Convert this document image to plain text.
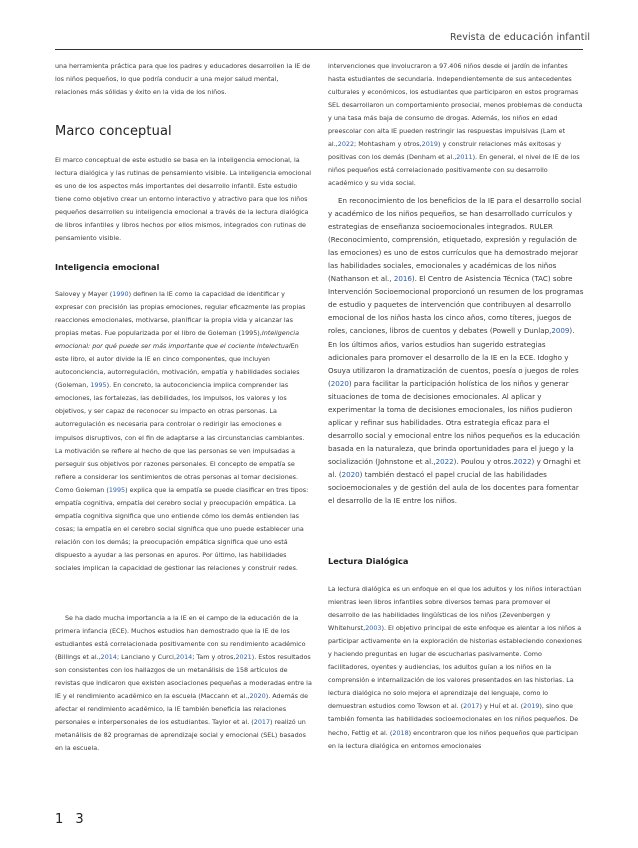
Revista de educación infantil
una herramienta práctica para que los padres y educadores desarrollen la IE de los niños pequeños, lo que podría conducir a una mejor salud mental, relaciones más sólidas y éxito en la vida de los niños.
Marco conceptual
El marco conceptual de este estudio se basa en la inteligencia emocional, la lectura dialógica y las rutinas de pensamiento visible. La inteligencia emocional es uno de los aspectos más importantes del desarrollo infantil. Este estudio tiene como objetivo crear un entorno interactivo y atractivo para que los niños pequeños desarrollen su inteligencia emocional a través de la lectura dialógica de libros infantiles y libros hechos por ellos mismos, integrados con rutinas de pensamiento visible.
Inteligencia emocional
Salovey y Mayer (1990) definen la IE como la capacidad de identificar y expresar con precisión las propias emociones, regular eficazmente las propias reacciones emocionales, motivarse, planificar la propia vida y alcanzar las propias metas. Fue popularizada por el libro de Goleman (1995),Inteligencia emocional: por qué puede ser más importante que el cociente intelectualEn este libro, el autor divide la IE en cinco componentes, que incluyen autoconciencia, autorregulación, motivación, empatía y habilidades sociales (Goleman, 1995). En concreto, la autoconciencia implica comprender las emociones, las fortalezas, las debilidades, los impulsos, los valores y los objetivos, y ser capaz de reconocer su impacto en otras personas. La autorregulación es necesaria para controlar o redirigir las emociones e impulsos disruptivos, con el fin de adaptarse a las circunstancias cambiantes. La motivación se refiere al hecho de que las personas se ven impulsadas a perseguir sus objetivos por razones personales. El concepto de empatía se refiere a considerar los sentimientos de otras personas al tomar decisiones. Como Goleman (1995) explica que la empatía se puede clasificar en tres tipos: empatía cognitiva, empatía del cerebro social y preocupación empática. La empatía cognitiva significa que uno entiende cómo los demás entienden las cosas; la empatía en el cerebro social significa que uno puede establecer una relación con los demás; la preocupación empática significa que uno está dispuesto a ayudar a las personas en apuros. Por último, las habilidades sociales implican la capacidad de gestionar las relaciones y construir redes.
Se ha dado mucha importancia a la IE en el campo de la educación de la primera infancia (ECE). Muchos estudios han demostrado que la IE de los estudiantes está correlacionada positivamente con su rendimiento académico (Billings et al.,2014; Lanciano y Curci,2014; Tam y otros,2021). Estos resultados son consistentes con los hallazgos de un metanálisis de 158 artículos de revistas que indicaron que existen asociaciones pequeñas a moderadas entre la IE y el rendimiento académico en la escuela (Maccann et al.,2020). Además de afectar el rendimiento académico, la IE también beneficia las relaciones personales e interpersonales de los estudiantes. Taylor et al. (2017) realizó un metanálisis de 82 programas de aprendizaje social y emocional (SEL) basados en la escuela.
intervenciones que involucraron a 97.406 niños desde el jardín de infantes hasta estudiantes de secundaria. Independientemente de sus antecedentes culturales y económicos, los estudiantes que participaron en estos programas SEL desarrollaron un comportamiento prosocial, menos problemas de conducta y una tasa más baja de consumo de drogas. Además, los niños en edad preescolar con alta IE pueden restringir las respuestas impulsivas (Lam et al.,2022; Mohtasham y otros,2019) y construir relaciones más exitosas y positivas con los demás (Denham et al.,2011). En general, el nivel de IE de los niños pequeños está correlacionado positivamente con su desarrollo académico y su vida social.
En reconocimiento de los beneficios de la IE para el desarrollo social y académico de los niños pequeños, se han desarrollado currículos y estrategias de enseñanza socioemocionales integrados. RULER (Reconocimiento, comprensión, etiquetado, expresión y regulación de las emociones) es uno de estos currículos que ha demostrado mejorar las habilidades sociales, emocionales y académicas de los niños (Nathanson et al., 2016). El Centro de Asistencia Técnica (TAC) sobre Intervención Socioemocional proporcionó un resumen de los programas de estudio y paquetes de intervención que contribuyen al desarrollo emocional de los niños hasta los cinco años, como títeres, juegos de roles, canciones, libros de cuentos y debates (Powell y Dunlap,2009). En los últimos años, varios estudios han sugerido estrategias adicionales para promover el desarrollo de la IE en la ECE. Idogho y Osuya utilizaron la dramatización de cuentos, poesía o juegos de roles (2020) para facilitar la participación holística de los niños y generar situaciones de toma de decisiones emocionales. Al aplicar y experimentar la toma de decisiones emocionales, los niños pudieron aplicar y refinar sus habilidades. Otra estrategia eficaz para el desarrollo social y emocional entre los niños pequeños es la educación basada en la naturaleza, que brinda oportunidades para el juego y la socialización (Johnstone et al.,2022). Poulou y otros.2022) y Ornaghi et al. (2020) también destacó el papel crucial de las habilidades socioemocionales y de gestión del aula de los docentes para fomentar el desarrollo de la IE entre los niños.
Lectura Dialógica
La lectura dialógica es un enfoque en el que los adultos y los niños interactúan mientras leen libros infantiles sobre diversos temas para promover el desarrollo de las habilidades lingüísticas de los niños (Zevenbergen y Whitehurst,2003). El objetivo principal de este enfoque es alentar a los niños a participar activamente en la exploración de historias estableciendo conexiones y haciendo preguntas en lugar de escucharlas pasivamente. Como facilitadores, oyentes y audiencias, los adultos guían a los niños en la comprensión e internalización de los valores presentados en las historias. La lectura dialógica no solo mejora el aprendizaje del lenguaje, como lo demuestran estudios como Towson et al. (2017) y Huí et al. (2019), sino que también fomenta las habilidades socioemocionales en los niños pequeños. De hecho, Fettig et al. (2018) encontraron que los niños pequeños que participan en la lectura dialógica en entornos emocionales
1 3
